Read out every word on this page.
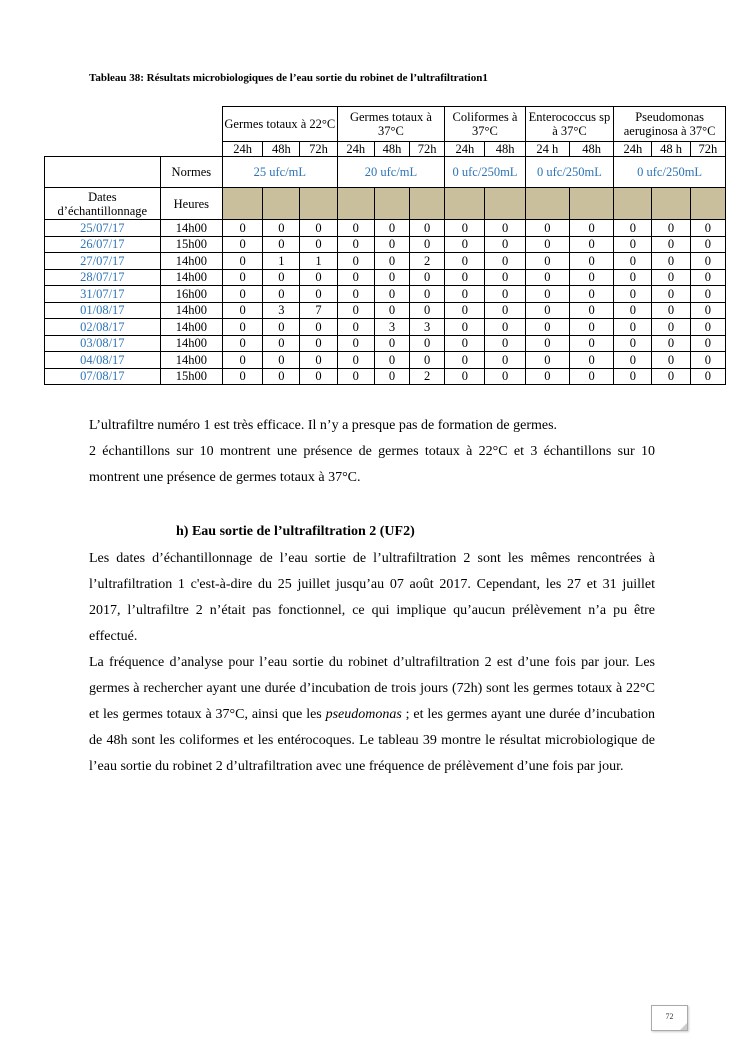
Tableau 38: Résultats microbiologiques de l’eau sortie du robinet de l’ultrafiltration1
		Germes totaux à 22°C			Germes totaux à 37°C			Coliformes à 37°C		Enterococcus sp à 37°C		Pseudomonas aeruginosa à 37°C		
		24h	48h	72h	24h	48h	72h	24h	48h	24 h	48h	24h	48 h	72h
	Normes	25 ufc/mL			20 ufc/mL			0 ufc/250mL		0 ufc/250mL		0 ufc/250mL		
Dates d’échantillonnage	Heures													
25/07/17	14h00	0	0	0	0	0	0	0	0	0	0	0	0	0
26/07/17	15h00	0	0	0	0	0	0	0	0	0	0	0	0	0
27/07/17	14h00	0	1	1	0	0	2	0	0	0	0	0	0	0
28/07/17	14h00	0	0	0	0	0	0	0	0	0	0	0	0	0
31/07/17	16h00	0	0	0	0	0	0	0	0	0	0	0	0	0
01/08/17	14h00	0	3	7	0	0	0	0	0	0	0	0	0	0
02/08/17	14h00	0	0	0	0	3	3	0	0	0	0	0	0	0
03/08/17	14h00	0	0	0	0	0	0	0	0	0	0	0	0	0
04/08/17	14h00	0	0	0	0	0	0	0	0	0	0	0	0	0
07/08/17	15h00	0	0	0	0	0	2	0	0	0	0	0	0	0

L’ultrafiltre numéro 1 est très efficace. Il n’y a presque pas de formation de germes.
2 échantillons sur 10 montrent une présence de germes totaux à 22°C et 3 échantillons sur 10 montrent une présence de germes totaux à 37°C.

h) Eau sortie de l’ultrafiltration 2 (UF2)

Les dates d’échantillonnage de l’eau sortie de l’ultrafiltration 2 sont les mêmes rencontrées à l’ultrafiltration 1 c'est-à-dire du 25 juillet jusqu’au 07 août 2017. Cependant, les 27 et 31 juillet 2017, l’ultrafiltre 2 n’était pas fonctionnel, ce qui implique qu’aucun prélèvement n’a pu être effectué.

La fréquence d’analyse pour l’eau sortie du robinet d’ultrafiltration 2 est d’une fois par jour. Les germes à rechercher ayant une durée d’incubation de trois jours (72h) sont les germes totaux à 22°C et les germes totaux à 37°C, ainsi que les pseudomonas ; et les germes ayant une durée d’incubation de 48h sont les coliformes et les entérocoques. Le tableau 39 montre le résultat microbiologique de l’eau sortie du robinet 2 d’ultrafiltration avec une fréquence de prélèvement d’une fois par jour.

72
